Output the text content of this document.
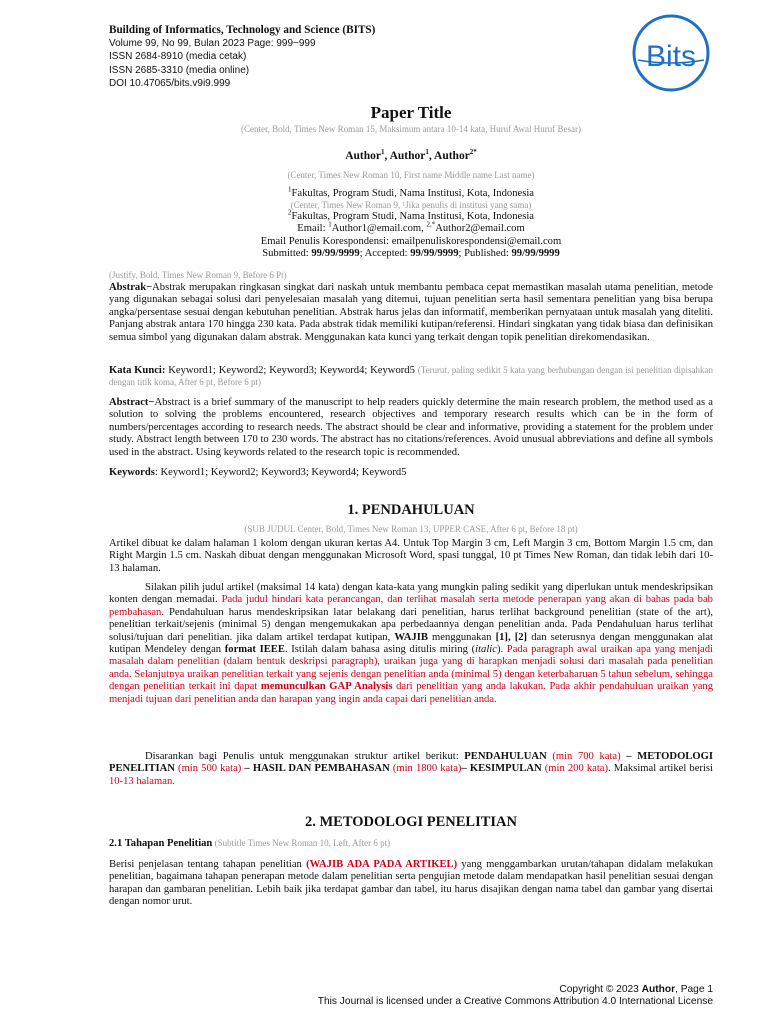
Building of Informatics, Technology and Science (BITS)
Volume 99, No 99, Bulan 2023 Page: 999−999
ISSN 2684-8910 (media cetak)
ISSN 2685-3310 (media online)
DOI 10.47065/bits.v9i9.999
Bits
Paper Title
(Center, Bold, Times New Roman 15, Maksimum antara 10-14 kata, Huruf Awal Huruf Besar)
Author$^1$, Author$^1$, Author$^{2*}$
(Center, Times New Roman 10, First name Middle name Last name)
$^1$Fakultas, Program Studi, Nama Institusi, Kota, Indonesia
(Center, Times New Roman 9, ¹Jika penulis di institusi yang sama)
$^2$Fakultas, Program Studi, Nama Institusi, Kota, Indonesia
Email: $^1$Author1@email.com, $^{2,*}$Author2@email.com
Email Penulis Korespondensi: emailpenuliskorespondensi@email.com
Submitted: 99/99/9999; Accepted: 99/99/9999; Published: 99/99/9999
(Justify, Bold, Times New Roman 9, Before 6 Pt)

Abstrak−Abstrak merupakan ringkasan singkat dari naskah untuk membantu pembaca cepat memastikan masalah utama penelitian, metode yang digunakan sebagai solusi dari penyelesaian masalah yang ditemui, tujuan penelitian serta hasil sementara penelitian yang bisa berupa angka/persentase sesuai dengan kebutuhan penelitian. Abstrak harus jelas dan informatif, memberikan pernyataan untuk masalah yang diteliti. Panjang abstrak antara 170 hingga 230 kata. Pada abstrak tidak memiliki kutipan/referensi. Hindari singkatan yang tidak biasa dan definisikan semua simbol yang digunakan dalam abstrak. Menggunakan kata kunci yang terkait dengan topik penelitian direkomendasikan.

Kata Kunci: Keyword1; Keyword2; Keyword3; Keyword4; Keyword5 (Terurut, paling sedikit 5 kata yang berhubungan dengan isi penelitian dipisahkan dengan titik koma, After 6 pt, Before 6 pt)

Abstract−Abstract is a brief summary of the manuscript to help readers quickly determine the main research problem, the method used as a solution to solving the problems encountered, research objectives and temporary research results which can be in the form of numbers/percentages according to research needs. The abstract should be clear and informative, providing a statement for the problem under study. Abstract length between 170 to 230 words. The abstract has no citations/references. Avoid unusual abbreviations and define all symbols used in the abstract. Using keywords related to the research topic is recommended.

Keywords: Keyword1; Keyword2; Keyword3; Keyword4; Keyword5

1. PENDAHULUAN
(SUB JUDUL Center, Bold, Times New Roman 13, UPPER CASE, After 6 pt, Before 18 pt)

Artikel dibuat ke dalam halaman 1 kolom dengan ukuran kertas A4. Untuk Top Margin 3 cm, Left Margin 3 cm, Bottom Margin 1.5 cm, dan Right Margin 1.5 cm. Naskah dibuat dengan menggunakan Microsoft Word, spasi tunggal, 10 pt Times New Roman, dan tidak lebih dari 10-13 halaman.

Silakan pilih judul artikel (maksimal 14 kata) dengan kata-kata yang mungkin paling sedikit yang diperlukan untuk mendeskripsikan konten dengan memadai. Pada judul hindari kata perancangan, dan terlihat masalah serta metode penerapan yang akan di bahas pada bab pembahasan. Pendahuluan harus mendeskripsikan latar belakang dari penelitian, harus terlihat background penelitian (state of the art), penelitian terkait/sejenis (minimal 5) dengan mengemukakan apa perbedaannya dengan penelitian anda. Pada Pendahuluan harus terlihat solusi/tujuan dari penelitian. jika dalam artikel terdapat kutipan, WAJIB menggunakan [1], [2] dan seterusnya dengan menggunakan alat kutipan Mendeley dengan format IEEE. Istilah dalam bahasa asing ditulis miring (italic). Pada paragraph awal uraikan apa yang menjadi masalah dalam penelitian (dalam bentuk deskripsi paragraph), uraikan juga yang di harapkan menjadi solusi dari masalah pada penelitian anda. Selanjutnya uraikan penelitian terkait yang sejenis dengan penelitian anda (minimal 5) dengan keterbaharuan 5 tahun sebelum, sehingga dengan penelitian terkait ini dapat memunculkan GAP Analysis dari penelitian yang anda lakukan. Pada akhir pendahuluan uraikan yang menjadi tujuan dari penelitian anda dan harapan yang ingin anda capai dari penelitian anda.

Disarankan bagi Penulis untuk menggunakan struktur artikel berikut: PENDAHULUAN (min 700 kata) – METODOLOGI PENELITIAN (min 500 kata) – HASIL DAN PEMBAHASAN (min 1800 kata)– KESIMPULAN (min 200 kata). Maksimal artikel berisi 10-13 halaman.

2. METODOLOGI PENELITIAN
2.1 Tahapan Penelitian (Subtitle Times New Roman 10, Left, After 6 pt)

Berisi penjelasan tentang tahapan penelitian (WAJIB ADA PADA ARTIKEL) yang menggambarkan urutan/tahapan didalam melakukan penelitian, bagaimana tahapan penerapan metode dalam penelitian serta pengujian metode dalam mendapatkan hasil penelitian sesuai dengan harapan dan gambaran penelitian. Lebih baik jika terdapat gambar dan tabel, itu harus disajikan dengan nama tabel dan gambar yang disertai dengan nomor urut.

Copyright © 2023 Author, Page 1
This Journal is licensed under a Creative Commons Attribution 4.0 International License
